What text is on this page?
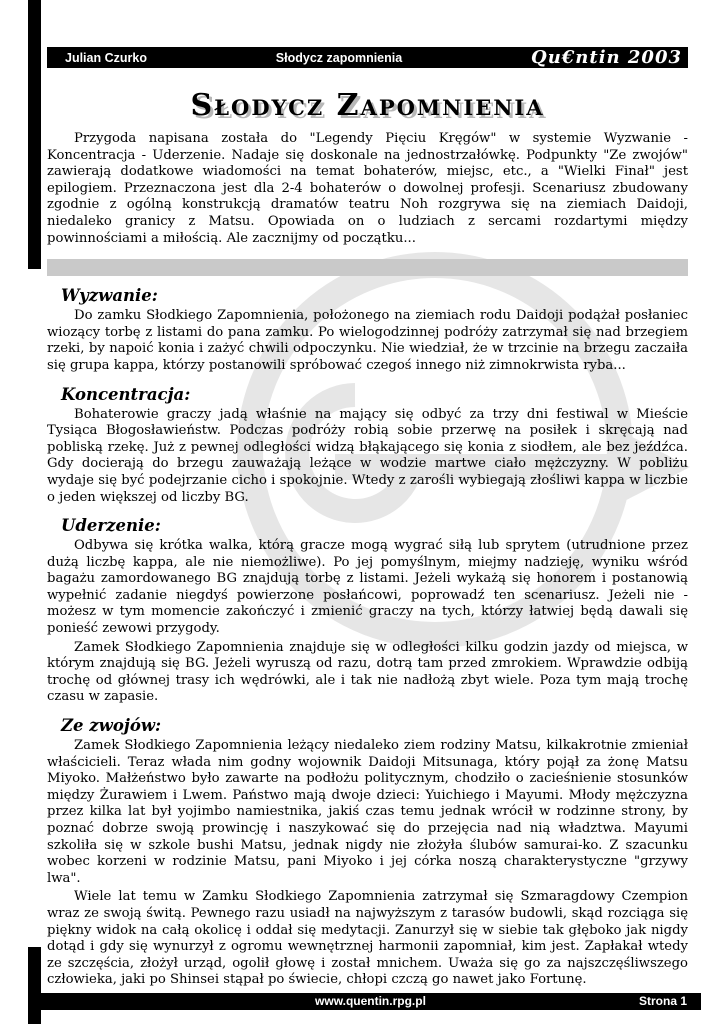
Julian Czurko	Słodycz zapomnienia	Qu€ntin 2003
Słodycz Zapomnienia

Przygoda napisana została do "Legendy Pięciu Kręgów" w systemie Wyzwanie - Koncentracja - Uderzenie. Nadaje się doskonale na jednostrzałówkę. Podpunkty "Ze zwojów" zawierają dodatkowe wiadomości na temat bohaterów, miejsc, etc., a "Wielki Finał" jest epilogiem. Przeznaczona jest dla 2-4 bohaterów o dowolnej profesji. Scenariusz zbudowany zgodnie z ogólną konstrukcją dramatów teatru Noh rozgrywa się na ziemiach Daidoji, niedaleko granicy z Matsu. Opowiada on o ludziach z sercami rozdartymi między powinnościami a miłością. Ale zacznijmy od początku...

Wyzwanie:

Do zamku Słodkiego Zapomnienia, położonego na ziemiach rodu Daidoji podążał posłaniec wiozący torbę z listami do pana zamku. Po wielogodzinnej podróży zatrzymał się nad brzegiem rzeki, by napoić konia i zażyć chwili odpoczynku. Nie wiedział, że w trzcinie na brzegu zaczaiła się grupa kappa, którzy postanowili spróbować czegoś innego niż zimnokrwista ryba...

Koncentracja:

Bohaterowie graczy jadą właśnie na mający się odbyć za trzy dni festiwal w Mieście Tysiąca Błogosławieństw. Podczas podróży robią sobie przerwę na posiłek i skręcają nad pobliską rzekę. Już z pewnej odległości widzą błąkającego się konia z siodłem, ale bez jeźdźca. Gdy docierają do brzegu zauważają leżące w wodzie martwe ciało mężczyzny. W pobliżu wydaje się być podejrzanie cicho i spokojnie. Wtedy z zarośli wybiegają złośliwi kappa w liczbie o jeden większej od liczby BG.

Uderzenie:

Odbywa się krótka walka, którą gracze mogą wygrać siłą lub sprytem (utrudnione przez dużą liczbę kappa, ale nie niemożliwe). Po jej pomyślnym, miejmy nadzieję, wyniku wśród bagażu zamordowanego BG znajdują torbę z listami. Jeżeli wykażą się honorem i postanowią wypełnić zadanie niegdyś powierzone posłańcowi, poprowadź ten scenariusz. Jeżeli nie - możesz w tym momencie zakończyć i zmienić graczy na tych, którzy łatwiej będą dawali się ponieść zewowi przygody.

Zamek Słodkiego Zapomnienia znajduje się w odległości kilku godzin jazdy od miejsca, w którym znajdują się BG. Jeżeli wyruszą od razu, dotrą tam przed zmrokiem. Wprawdzie odbiją trochę od głównej trasy ich wędrówki, ale i tak nie nadłożą zbyt wiele. Poza tym mają trochę czasu w zapasie.

Ze zwojów:

Zamek Słodkiego Zapomnienia leżący niedaleko ziem rodziny Matsu, kilkakrotnie zmieniał właścicieli. Teraz włada nim godny wojownik Daidoji Mitsunaga, który pojął za żonę Matsu Miyoko. Małżeństwo było zawarte na podłożu politycznym, chodziło o zacieśnienie stosunków między Żurawiem i Lwem. Państwo mają dwoje dzieci: Yuichiego i Mayumi. Młody mężczyzna przez kilka lat był yojimbo namiestnika, jakiś czas temu jednak wrócił w rodzinne strony, by poznać dobrze swoją prowincję i naszykować się do przejęcia nad nią władztwa. Mayumi szkoliła się w szkole bushi Matsu, jednak nigdy nie złożyła ślubów samurai-ko. Z szacunku wobec korzeni w rodzinie Matsu, pani Miyoko i jej córka noszą charakterystyczne "grzywy lwa".

Wiele lat temu w Zamku Słodkiego Zapomnienia zatrzymał się Szmaragdowy Czempion wraz ze swoją świtą. Pewnego razu usiadł na najwyższym z tarasów budowli, skąd rozciąga się piękny widok na całą okolicę i oddał się medytacji. Zanurzył się w siebie tak głęboko jak nigdy dotąd i gdy się wynurzył z ogromu wewnętrznej harmonii zapomniał, kim jest. Zapłakał wtedy ze szczęścia, złożył urząd, ogolił głowę i został mnichem. Uważa się go za najszczęśliwszego człowieka, jaki po Shinsei stąpał po świecie, chłopi czczą go nawet jako Fortunę.

www.quentin.rpg.pl	Strona 1
